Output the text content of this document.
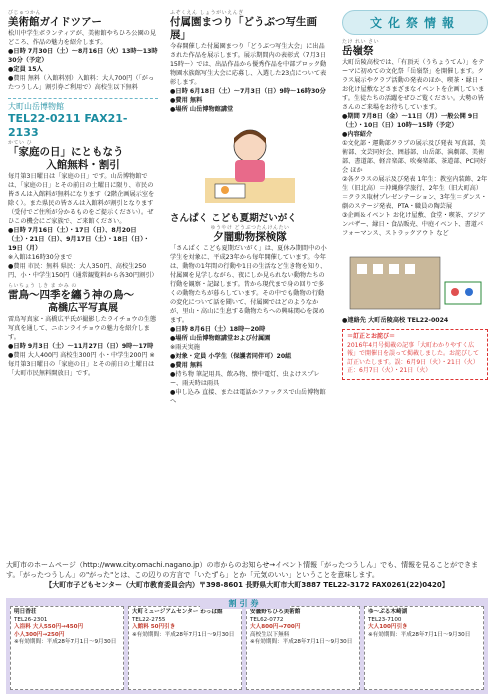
びじゅつかん
美術館ガイドツアー

松川中学生ボランティアが、美術館やちひろ公園の見どころ、作品の魅力を紹介します。

●日時 7月30日（土）〜8月16日（火）13時〜13時30分（予定）

●定員 15人

●費用 無料（入館料別）入館料：大人700円（「がったつうしん」割引券ご利用で）高校生以下無料

大町山岳博物館
TEL22-0211 FAX21-2133
かてい ひ
「家庭の日」にともなう
入館無料・割引

毎月第3日曜日は「家庭の日」です。山岳博物館では、「家庭の日」とその前日の土曜日に限り、市民の皆さんは入館料が無料になります（2階企画展示室を除く）。また県民の皆さんは入館料が割引となります（受付でご住所が分かるものをご提示ください）。ぜひこの機会にご家族で、ご来館ください。

●日時 7月16日（土）・17日（日）、8月20日（土）・21日（日）、9月17日（土）・18日（日）・19日（月）

※入館は16時30分まで

●費用 市民：無料 県民：大人350円、高校生250円、小・中学生150円（通常観覧料から各30円割引）

らいちょう しき ま かみ の
雷鳥〜四季を纏う神の鳥〜
高橋広平写真展

雷鳥写真家・高橋広平氏が撮影したライチョウの生態写真を通して、ニホンライチョウの魅力を紹介します。

●日時 9月3日（土）〜11月27日（日）9時〜17時

●費用 大人400円 高校生300円 小・中学生200円 ※毎月第3日曜日の「家庭の日」とその前日の土曜日は「大町市民無料開放日」です。

ふぞくえん しょうがいえんぎ
付属園まつり「どうぶつ写生画展」

今春開催した付属園まつり「どうぶつ写生大会」に出品された作品を展示します。展示期間内の表彰式（7月3日15時〜）では、出品作品から優秀作品を中部ブロック動物園水族館写生大会に応募し、入選した23点について表彰します。

●日時 6月18日（土）〜7月3日（日）9時〜16時30分

●費用 無料

●場所 山岳博物館講堂

さんぱく こども夏期だいがく
ゆうやけ どうぶつたんけんたい
夕闇動物探検隊

「さんぱく こども夏期だいがく」は、夏休み期間中の小学生を対象に、平成23年から毎年開催しています。今年は、動物の1年間の行動や1日の生活など生き物を知り、付属園を見学しながら、夜にしか見られない動物たちの行動を観察・記録します。昔から現代まで身の回りで多くの動物たちが暮らしています。その中でも動物の行動の変化について話を聞いて、付属園ではどのようなかが、里山・高山に生息する動物たちへの興味関心を深めます。

●日時 8月6日（土）18時〜20時

●場所 山岳博物館講堂および付属園

※雨天実施

●対象・定員 小学生（保護者同伴可）20組

●費用 無料

●持ち物 筆記用具、飲み物、懐中電灯、虫よけスプレー、雨天時は雨具

●申し込み 直接、または電話かファックスで山岳博物館へ

文化祭情報
たけ れい さい
岳嶺祭

大町岳陵高校では、「有頂天（うちょうてん）」をテーマに初めての文化祭「岳嶺祭」を開催します。クラス展示やクラブ活動の発表のほか、喫茶・縁日・お化け屋敷などさまざまなイベントを企画しています。生徒たちの活躍をぜひご覧ください。大勢の皆さんのご来場をお待ちしています。

●期間 7月8日（金）〜11日（月）一般公開 9日（土）・10日（日）10時〜15時（予定）

●内容紹介

①文化部・運動部クラブの展示及び発表 写真部、美術部、文芸同好会、囲碁部、山岳部、演劇部、美術部、書道部、軽音楽部、吹奏楽部、茶道部、PC同好会 ほか

②各クラスの展示及び発表 1年生：教室内装飾、2年生（旧北高）＝沖縄修学旅行、2年生（旧大町高）＝クラス取材プレゼンテーション、3年生＝ダンス・劇のステージ発表、PTA・職員の陶芸展

③企画＆イベント お化け屋敷、食堂・喫茶、アジアンバザー、縁日・食品販売、中庭イベント、書道パフォーマンス、ストラックアウト など

●連絡先 大町岳陵高校 TEL22-0024
＝訂正とお詫び＝
2016年4月号掲載の記事「大町わかりやすく広報」で開催日を誤って掲載しました。お詫びして訂正いたします。誤：6月9日（火）・21日（火） 正：6月7日（火）・21日（火）
大町市のホームページ（http://www.city.omachi.nagano.jp）の市からのお知らせ→イベント情報「がったつうしん」でも、情報を見ることができます。「がったつうしん」の"がった"とは、この辺りの方言で「いたずら」とか「元気のいい」ということを意味します。
【大町市子どもセンター（大町市教育委員会内）〒398-8601 長野県大町市大町3887 TEL22-3172 FAX0261(22)0420】
明日香荘
TEL26-2301
入浴料 大人550円→450円
小人300円→250円
※有効期間：平成28年7月1日〜9月30日
大町ミュージアムセンター わっぱ館
TEL22-2755
入館料 50円引き
※有効期間：平成28年7月1日〜9月30日
安曇野ちひろ美術館
TEL62-0772
大人800円→700円
高校生以下無料
※有効期間：平成28年7月1日〜9月30日
ゆ〜ぷる木崎湖
TEL23-7100
大人100円引き
※有効期間：平成28年7月1日〜9月30日
割引券
